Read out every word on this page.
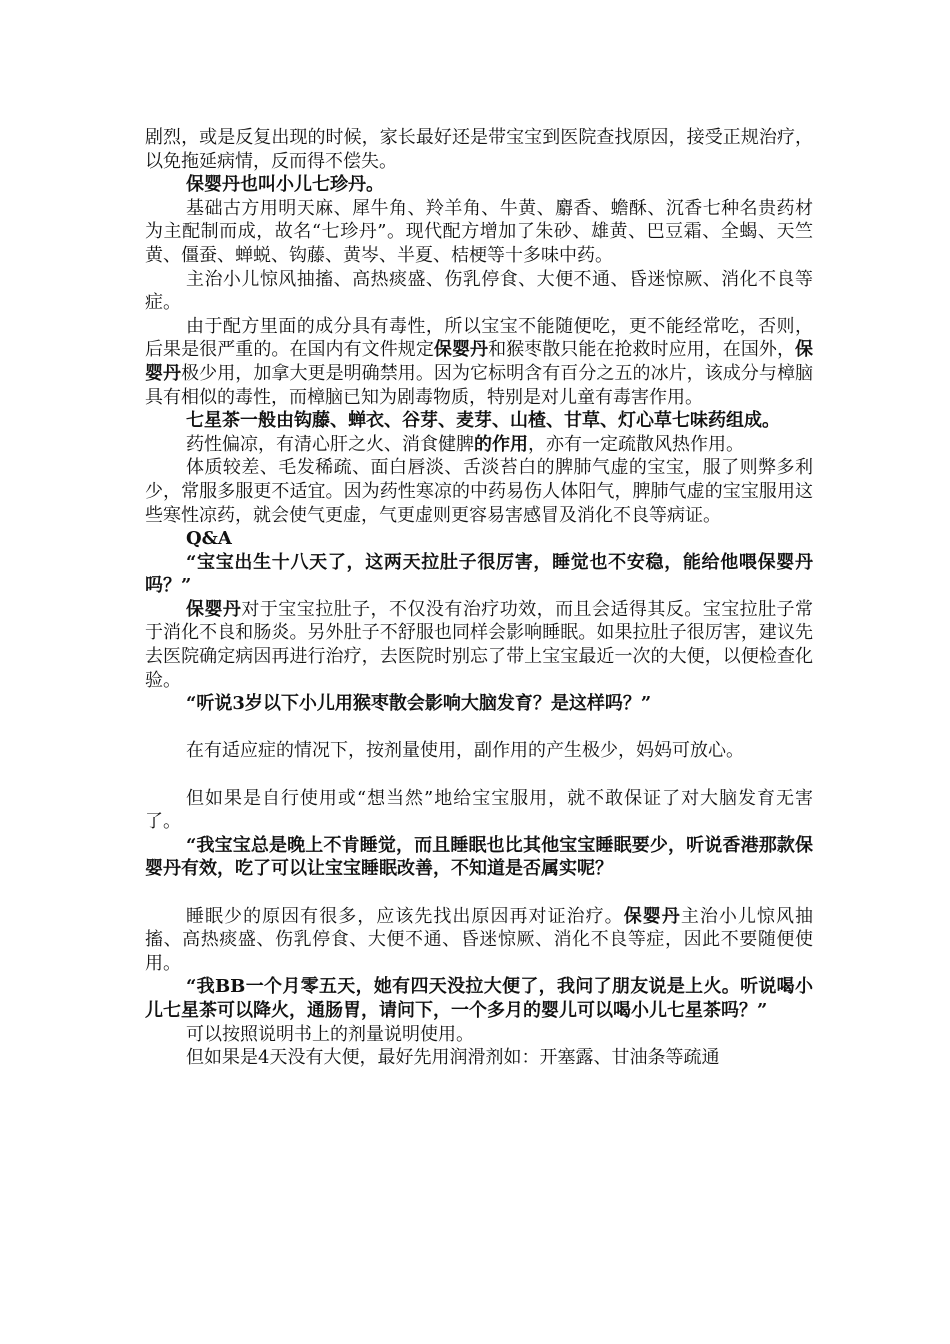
剧烈，或是反复出现的时候，家长最好还是带宝宝到医院查找原因，接受正规治疗，以免拖延病情，反而得不偿失。

保婴丹也叫小儿七珍丹。

基础古方用明天麻、犀牛角、羚羊角、牛黄、麝香、蟾酥、沉香七种名贵药材为主配制而成，故名“七珍丹”。现代配方增加了朱砂、雄黄、巴豆霜、全蝎、天竺黄、僵蚕、蝉蜕、钩藤、黄岑、半夏、桔梗等十多味中药。

主治小儿惊风抽搐、高热痰盛、伤乳停食、大便不通、昏迷惊厥、消化不良等症。

由于配方里面的成分具有毒性，所以宝宝不能随便吃，更不能经常吃，否则，后果是很严重的。在国内有文件规定保婴丹和猴枣散只能在抢救时应用，在国外，保婴丹极少用，加拿大更是明确禁用。因为它标明含有百分之五的冰片，该成分与樟脑具有相似的毒性，而樟脑已知为剧毒物质，特别是对儿童有毒害作用。

七星茶一般由钩藤、蝉衣、谷芽、麦芽、山楂、甘草、灯心草七味药组成。

药性偏凉，有清心肝之火、消食健脾的作用，亦有一定疏散风热作用。

体质较差、毛发稀疏、面白唇淡、舌淡苔白的脾肺气虚的宝宝，服了则弊多利少，常服多服更不适宜。因为药性寒凉的中药易伤人体阳气，脾肺气虚的宝宝服用这些寒性凉药，就会使气更虚，气更虚则更容易害感冒及消化不良等病证。

Q&A

“宝宝出生十八天了，这两天拉肚子很厉害，睡觉也不安稳，能给他喂保婴丹吗？”

保婴丹对于宝宝拉肚子，不仅没有治疗功效，而且会适得其反。宝宝拉肚子常于消化不良和肠炎。另外肚子不舒服也同样会影响睡眠。如果拉肚子很厉害，建议先去医院确定病因再进行治疗，去医院时别忘了带上宝宝最近一次的大便，以便检查化验。

“听说3岁以下小儿用猴枣散会影响大脑发育？是这样吗？”

在有适应症的情况下，按剂量使用，副作用的产生极少，妈妈可放心。

但如果是自行使用或“想当然”地给宝宝服用，就不敢保证了对大脑发育无害了。

“我宝宝总是晚上不肯睡觉，而且睡眠也比其他宝宝睡眠要少，听说香港那款保婴丹有效，吃了可以让宝宝睡眠改善，不知道是否属实呢？

睡眠少的原因有很多，应该先找出原因再对证治疗。保婴丹主治小儿惊风抽搐、高热痰盛、伤乳停食、大便不通、昏迷惊厥、消化不良等症，因此不要随便使用。

“我BB一个月零五天，她有四天没拉大便了，我问了朋友说是上火。听说喝小儿七星茶可以降火，通肠胃，请问下，一个多月的婴儿可以喝小儿七星茶吗？”

可以按照说明书上的剂量说明使用。

但如果是4天没有大便，最好先用润滑剂如：开塞露、甘油条等疏通
